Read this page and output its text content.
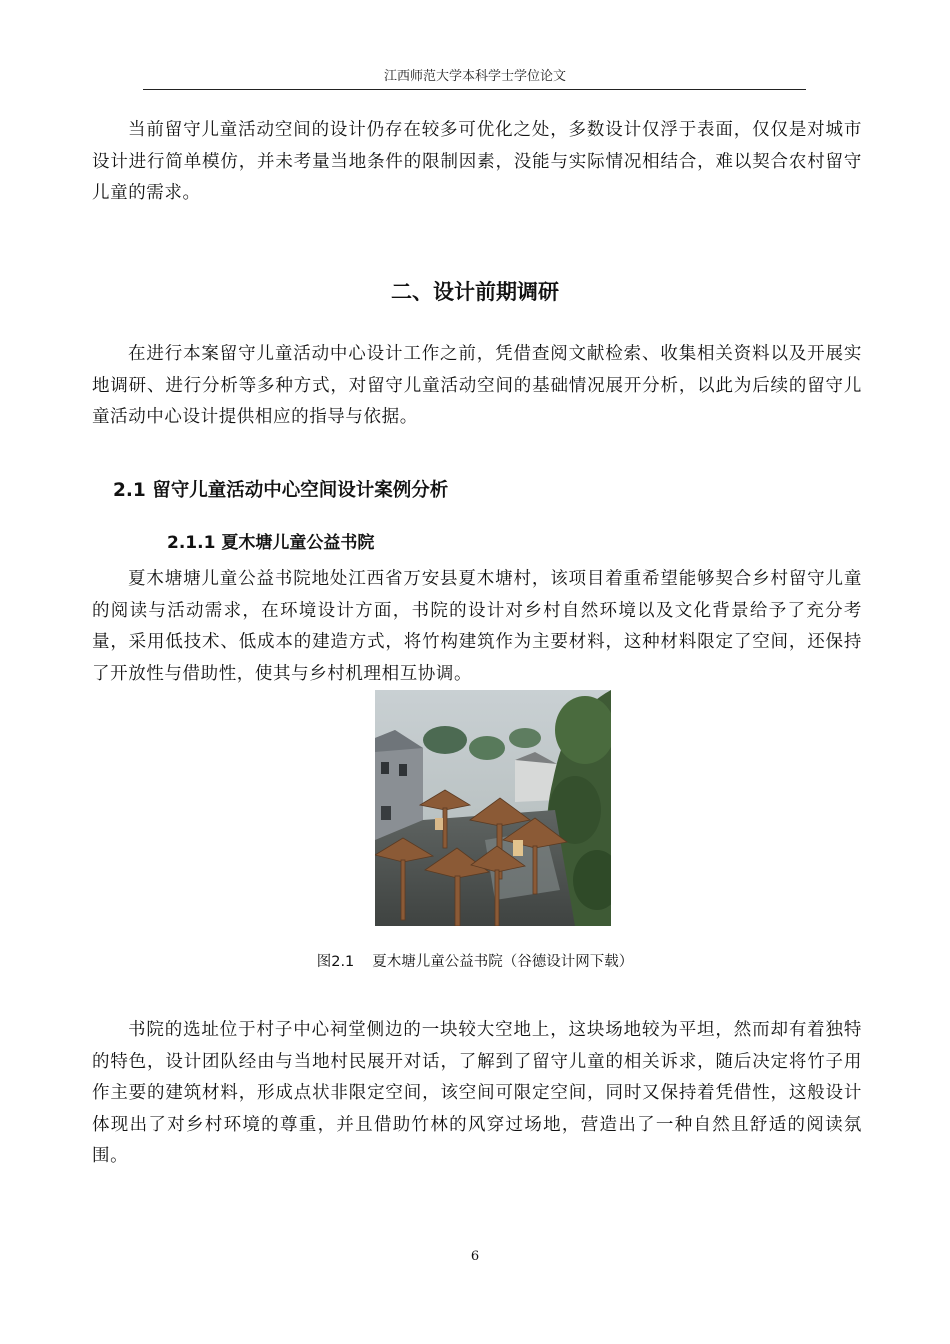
江西师范大学本科学士学位论文

当前留守儿童活动空间的设计仍存在较多可优化之处，多数设计仅浮于表面，仅仅是对城市设计进行简单模仿，并未考量当地条件的限制因素，没能与实际情况相结合，难以契合农村留守儿童的需求。

二、设计前期调研

在进行本案留守儿童活动中心设计工作之前，凭借查阅文献检索、收集相关资料以及开展实地调研、进行分析等多种方式，对留守儿童活动空间的基础情况展开分析，以此为后续的留守儿童活动中心设计提供相应的指导与依据。

2.1 留守儿童活动中心空间设计案例分析
2.1.1 夏木塘儿童公益书院

夏木塘塘儿童公益书院地处江西省万安县夏木塘村，该项目着重希望能够契合乡村留守儿童的阅读与活动需求，在环境设计方面，书院的设计对乡村自然环境以及文化背景给予了充分考量，采用低技术、低成本的建造方式，将竹构建筑作为主要材料，这种材料限定了空间，还保持了开放性与借助性，使其与乡村机理相互协调。

图2.1 夏木塘儿童公益书院（谷德设计网下载）

书院的选址位于村子中心祠堂侧边的一块较大空地上，这块场地较为平坦，然而却有着独特的特色，设计团队经由与当地村民展开对话，了解到了留守儿童的相关诉求，随后决定将竹子用作主要的建筑材料，形成点状非限定空间，该空间可限定空间，同时又保持着凭借性，这般设计体现出了对乡村环境的尊重，并且借助竹林的风穿过场地，营造出了一种自然且舒适的阅读氛围。

6
